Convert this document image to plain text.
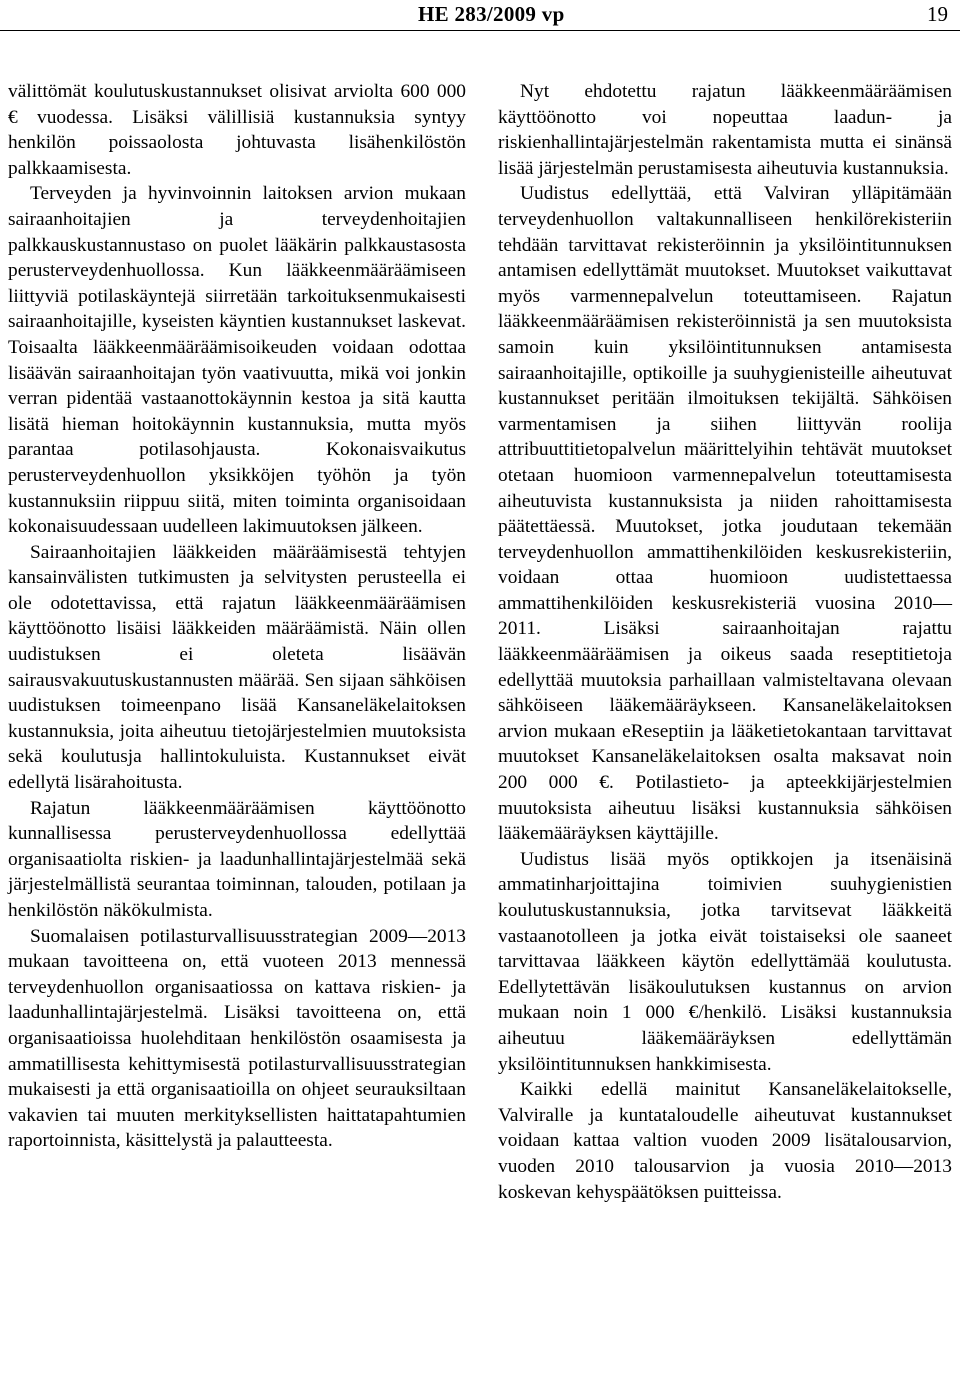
HE 283/2009 vp	19

välittömät koulutuskustannukset olisivat arviolta 600 000 € vuodessa. Lisäksi välillisiä kustannuksia syntyy henkilön poissaolosta johtuvasta lisähenkilöstön palkkaamisesta.

Terveyden ja hyvinvoinnin laitoksen arvion mukaan sairaanhoitajien ja terveydenhoitajien palkkauskustannustaso on puolet lääkärin palkkaustasosta perusterveydenhuollossa. Kun lääkkeenmääräämiseen liittyviä potilaskäyntejä siirretään tarkoituksenmukaisesti sairaanhoitajille, kyseisten käyntien kustannukset laskevat. Toisaalta lääkkeenmääräämisoikeuden voidaan odottaa lisäävän sairaanhoitajan työn vaativuutta, mikä voi jonkin verran pidentää vastaanottokäynnin kestoa ja sitä kautta lisätä hieman hoitokäynnin kustannuksia, mutta myös parantaa potilasohjausta. Kokonaisvaikutus perusterveydenhuollon yksikköjen työhön ja työn kustannuksiin riippuu siitä, miten toiminta organisoidaan kokonaisuudessaan uudelleen lakimuutoksen jälkeen.

Sairaanhoitajien lääkkeiden määräämisestä tehtyjen kansainvälisten tutkimusten ja selvitysten perusteella ei ole odotettavissa, että rajatun lääkkeenmääräämisen käyttöönotto lisäisi lääkkeiden määräämistä. Näin ollen uudistuksen ei oleteta lisäävän sairausvakuutuskustannusten määrää. Sen sijaan sähköisen uudistuksen toimeenpano lisää Kansaneläkelaitoksen kustannuksia, joita aiheutuu tietojärjestelmien muutoksista sekä koulutusja hallintokuluista. Kustannukset eivät edellytä lisärahoitusta.

Rajatun lääkkeenmääräämisen käyttöönotto kunnallisessa perusterveydenhuollossa edellyttää organisaatiolta riskien- ja laadunhallintajärjestelmää sekä järjestelmällistä seurantaa toiminnan, talouden, potilaan ja henkilöstön näkökulmista.

Suomalaisen potilasturvallisuusstrategian 2009—2013 mukaan tavoitteena on, että vuoteen 2013 mennessä terveydenhuollon organisaatiossa on kattava riskien- ja laadunhallintajärjestelmä. Lisäksi tavoitteena on, että organisaatioissa huolehditaan henkilöstön osaamisesta ja ammatillisesta kehittymisestä potilasturvallisuusstrategian mukaisesti ja että organisaatioilla on ohjeet seurauksiltaan vakavien tai muuten merkityksellisten haittatapahtumien raportoinnista, käsittelystä ja palautteesta.

Nyt ehdotettu rajatun lääkkeenmääräämisen käyttöönotto voi nopeuttaa laadun- ja riskienhallintajärjestelmän rakentamista mutta ei sinänsä lisää järjestelmän perustamisesta aiheutuvia kustannuksia.

Uudistus edellyttää, että Valviran ylläpitämään terveydenhuollon valtakunnalliseen henkilörekisteriin tehdään tarvittavat rekisteröinnin ja yksilöintitunnuksen antamisen edellyttämät muutokset. Muutokset vaikuttavat myös varmennepalvelun toteuttamiseen. Rajatun lääkkeenmääräämisen rekisteröinnistä ja sen muutoksista samoin kuin yksilöintitunnuksen antamisesta sairaanhoitajille, optikoille ja suuhygienisteille aiheutuvat kustannukset peritään ilmoituksen tekijältä. Sähköisen varmentamisen ja siihen liittyvän roolija attribuuttitietopalvelun määrittelyihin tehtävät muutokset otetaan huomioon varmennepalvelun toteuttamisesta aiheutuvista kustannuksista ja niiden rahoittamisesta päätettäessä. Muutokset, jotka joudutaan tekemään terveydenhuollon ammattihenkilöiden keskusrekisteriin, voidaan ottaa huomioon uudistettaessa ammattihenkilöiden keskusrekisteriä vuosina 2010—2011. Lisäksi sairaanhoitajan rajattu lääkkeenmääräämisen ja oikeus saada reseptitietoja edellyttää muutoksia parhaillaan valmisteltavana olevaan sähköiseen lääkemääräykseen. Kansaneläkelaitoksen arvion mukaan eReseptiin ja lääketietokantaan tarvittavat muutokset Kansaneläkelaitoksen osalta maksavat noin 200 000 €. Potilastieto- ja apteekkijärjestelmien muutoksista aiheutuu lisäksi kustannuksia sähköisen lääkemääräyksen käyttäjille.

Uudistus lisää myös optikkojen ja itsenäisinä ammatinharjoittajina toimivien suuhygienistien koulutuskustannuksia, jotka tarvitsevat lääkkeitä vastaanotolleen ja jotka eivät toistaiseksi ole saaneet tarvittavaa lääkkeen käytön edellyttämää koulutusta. Edellytettävän lisäkoulutuksen kustannus on arvion mukaan noin 1 000 €/henkilö. Lisäksi kustannuksia aiheutuu lääkemääräyksen edellyttämän yksilöintitunnuksen hankkimisesta.

Kaikki edellä mainitut Kansaneläkelaitokselle, Valviralle ja kuntataloudelle aiheutuvat kustannukset voidaan kattaa valtion vuoden 2009 lisätalousarvion, vuoden 2010 talousarvion ja vuosia 2010—2013 koskevan kehyspäätöksen puitteissa.
